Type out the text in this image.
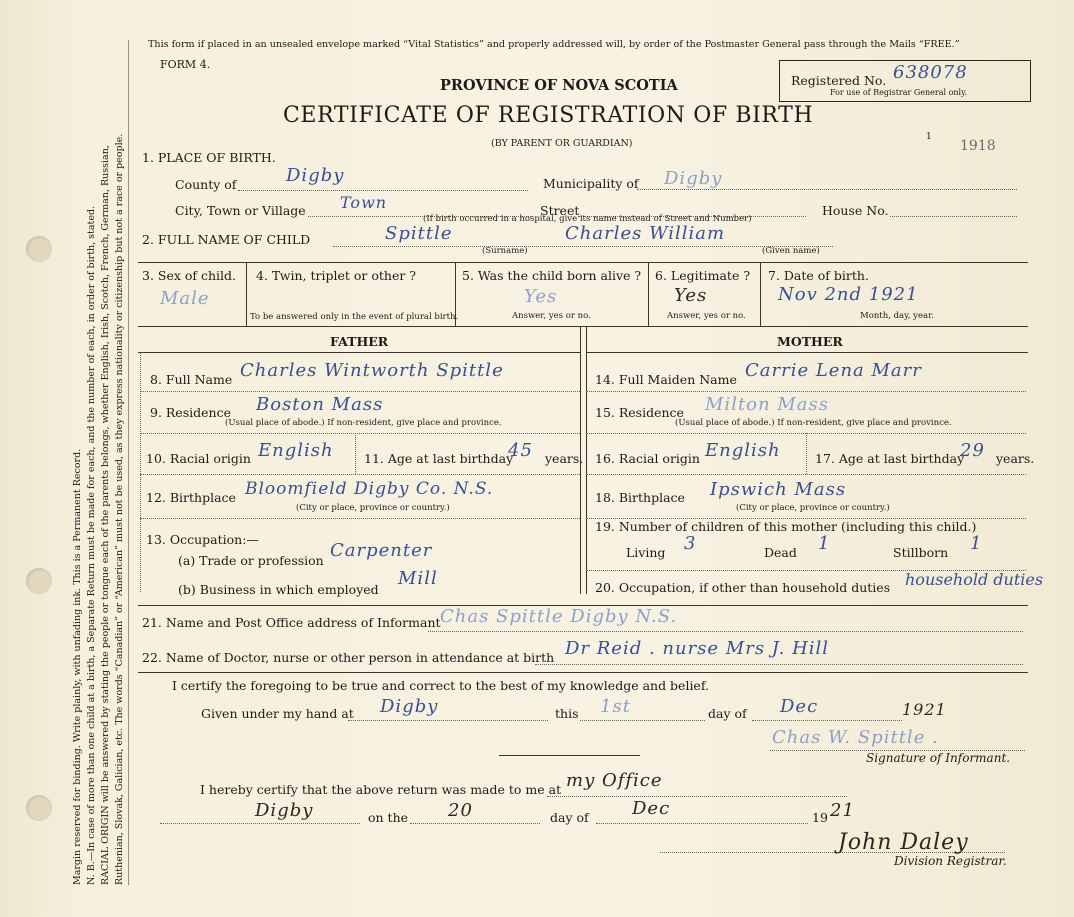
Margin reserved for binding. Write plainly, with unfading ink. This is a Permanent Record. N. B.—In case of more than one child at a birth, a Separate Return must be made for each, and the number of each, in order of birth, stated. RACIAL ORIGIN will be answered by stating the people or tongue each of the parents belongs, whether English, Irish, Scotch, French, German, Russian, Ruthenian, Slovak, Galician, etc. The words “Canadian” or “American” must not be used, as they express nationality or citizenship but not a race or people.
This form if placed in an unsealed envelope marked “Vital Statistics” and properly addressed will, by order of the Postmaster General pass through the Mails “FREE.”
FORM 4.
PROVINCE OF NOVA SCOTIA
CERTIFICATE OF REGISTRATION OF BIRTH
(BY PARENT OR GUARDIAN)
Registered No. 638078
For use of Registrar General only.
1
1918
1. PLACE OF BIRTH.
County of	Digby	Municipality of Digby
City, Town or Village Town	Street	House No.
(If birth occurred in a hospital, give its name instead of Street and Number)
2. FULL NAME OF CHILD	Spittle	Charles William
(Surname)	(Given name)
3. Sex of child.
Male
4. Twin, triplet or other ?
To be answered only in the event of plural birth.
5. Was the child born alive ?
Yes
Answer, yes or no.
6. Legitimate ?
Yes
Answer, yes or no.
7. Date of birth.
Nov 2nd 1921
Month, day, year.
FATHER	MOTHER
8. Full Name Charles Wintworth Spittle
9. Residence Boston Mass
(Usual place of abode.) If non-resident, give place and province.
10. Racial origin English 11. Age at last birthday
45 years.
12. Birthplace Bloomfield Digby Co. N.S.
(City or place, province or country.)
13. Occupation:—
(a) Trade or profession Carpenter
(b) Business in which employed
Mill
14. Full Maiden Name Carrie Lena Marr
15. Residence Milton Mass
(Usual place of abode.) If non-resident, give place and province.
16. Racial origin English	17. Age at last birthday
29 years.
18. Birthplace Ipswich Mass
(City or place, province or country.)
19. Number of children of this mother (including this child.)
Living 3	Dead 1	Stillborn 1
20. Occupation, if other than household duties household duties
21. Name and Post Office address of Informant Chas Spittle Digby N.S.
22. Name of Doctor, nurse or other person in attendance at birth Dr Reid . nurse Mrs J. Hill
I certify the foregoing to be true and correct to the best of my knowledge and belief.
Given under my hand at Digby	this 1st	day of Dec	1921
Chas W. Spittle .
Signature of Informant.
I hereby certify that the above return was made to me at my Office
Digby	on the 20	day of Dec	19 21
John Daley
Division Registrar.
